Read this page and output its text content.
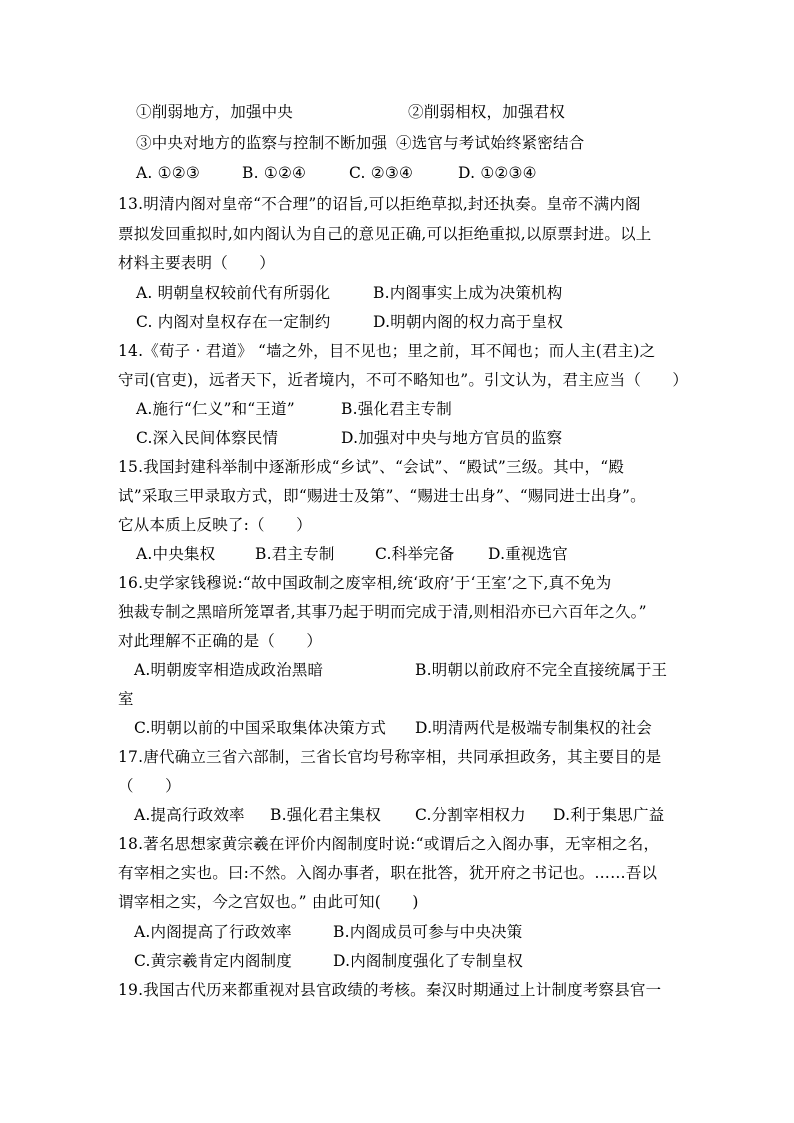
①削弱地方，加强中央	②削弱相权，加强君权
③中央对地方的监察与控制不断加强 ④选官与考试始终紧密结合
A. ①②③	B. ①②④	C. ②③④	D. ①②③④
13.明清内阁对皇帝“不合理”的诏旨,可以拒绝草拟,封还执奏。皇帝不满内阁
票拟发回重拟时,如内阁认为自己的意见正确,可以拒绝重拟,以原票封进。以上
材料主要表明（　　）
A. 明朝皇权较前代有所弱化	B.内阁事实上成为决策机构
C. 内阁对皇权存在一定制约	D.明朝内阁的权力高于皇权
14.《荀子 · 君道》 “墙之外，目不见也；里之前，耳不闻也；而人主(君主)之
守司(官吏)，远者天下，近者境内，不可不略知也”。引文认为，君主应当（　　）
A.施行“仁义”和“王道”	B.强化君主专制
C.深入民间体察民情	D.加强对中央与地方官员的监察
15.我国封建科举制中逐渐形成“乡试”、“会试”、“殿试”三级。其中，“殿
试”采取三甲录取方式，即“赐进士及第”、“赐进士出身”、“赐同进士出身”。
它从本质上反映了:（　　）
A.中央集权	B.君主专制	C.科举完备 D.重视选官
16.史学家钱穆说:“故中国政制之废宰相,统‘政府’于‘王室’之下,真不免为
独裁专制之黑暗所笼罩者,其事乃起于明而完成于清,则相沿亦已六百年之久。”
对此理解不正确的是（　　）
A.明朝废宰相造成政治黑暗	B.明朝以前政府不完全直接统属于王
室
C.明朝以前的中国采取集体决策方式 D.明清两代是极端专制集权的社会
17.唐代确立三省六部制，三省长官均号称宰相，共同承担政务，其主要目的是
（　　）
A.提高行政效率 B.强化君主集权 C.分割宰相权力 D.利于集思广益
18.著名思想家黄宗羲在评价内阁制度时说:“或谓后之入阁办事，无宰相之名，
有宰相之实也。曰:不然。入阁办事者，职在批答，犹开府之书记也。……吾以
谓宰相之实，今之宫奴也。” 由此可知(　　)
A.内阁提高了行政效率	B.内阁成员可参与中央决策
C.黄宗羲肯定内阁制度	D.内阁制度强化了专制皇权
19.我国古代历来都重视对县官政绩的考核。秦汉时期通过上计制度考察县官一
